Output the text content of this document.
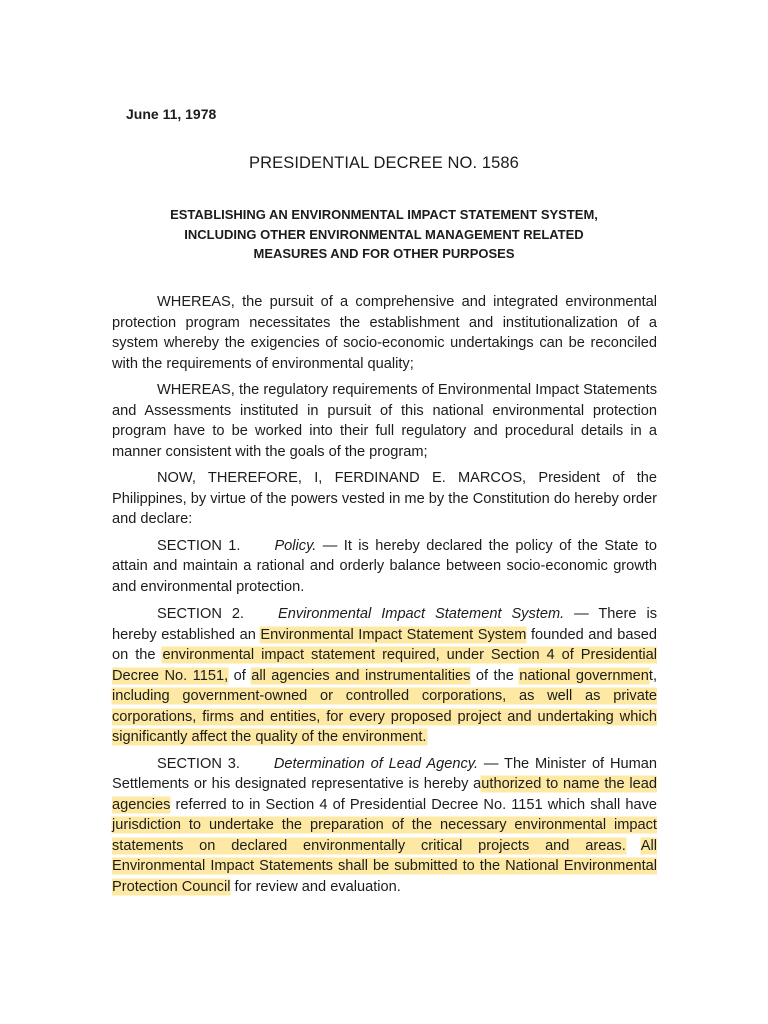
June 11, 1978
PRESIDENTIAL DECREE NO. 1586
ESTABLISHING AN ENVIRONMENTAL IMPACT STATEMENT SYSTEM,
INCLUDING OTHER ENVIRONMENTAL MANAGEMENT RELATED
MEASURES AND FOR OTHER PURPOSES

WHEREAS, the pursuit of a comprehensive and integrated environmental protection program necessitates the establishment and institutionalization of a system whereby the exigencies of socio-economic undertakings can be reconciled with the requirements of environmental quality;

WHEREAS, the regulatory requirements of Environmental Impact Statements and Assessments instituted in pursuit of this national environmental protection program have to be worked into their full regulatory and procedural details in a manner consistent with the goals of the program;

NOW, THEREFORE, I, FERDINAND E. MARCOS, President of the Philippines, by virtue of the powers vested in me by the Constitution do hereby order and declare:

SECTION 1. Policy. — It is hereby declared the policy of the State to attain and maintain a rational and orderly balance between socio-economic growth and environmental protection.

SECTION 2. Environmental Impact Statement System. — There is hereby established an Environmental Impact Statement System founded and based on the environmental impact statement required, under Section 4 of Presidential Decree No. 1151, of all agencies and instrumentalities of the national government, including government-owned or controlled corporations, as well as private corporations, firms and entities, for every proposed project and undertaking which significantly affect the quality of the environment.

SECTION 3. Determination of Lead Agency. — The Minister of Human Settlements or his designated representative is hereby authorized to name the lead agencies referred to in Section 4 of Presidential Decree No. 1151 which shall have jurisdiction to undertake the preparation of the necessary environmental impact statements on declared environmentally critical projects and areas. All Environmental Impact Statements shall be submitted to the National Environmental Protection Council for review and evaluation.
